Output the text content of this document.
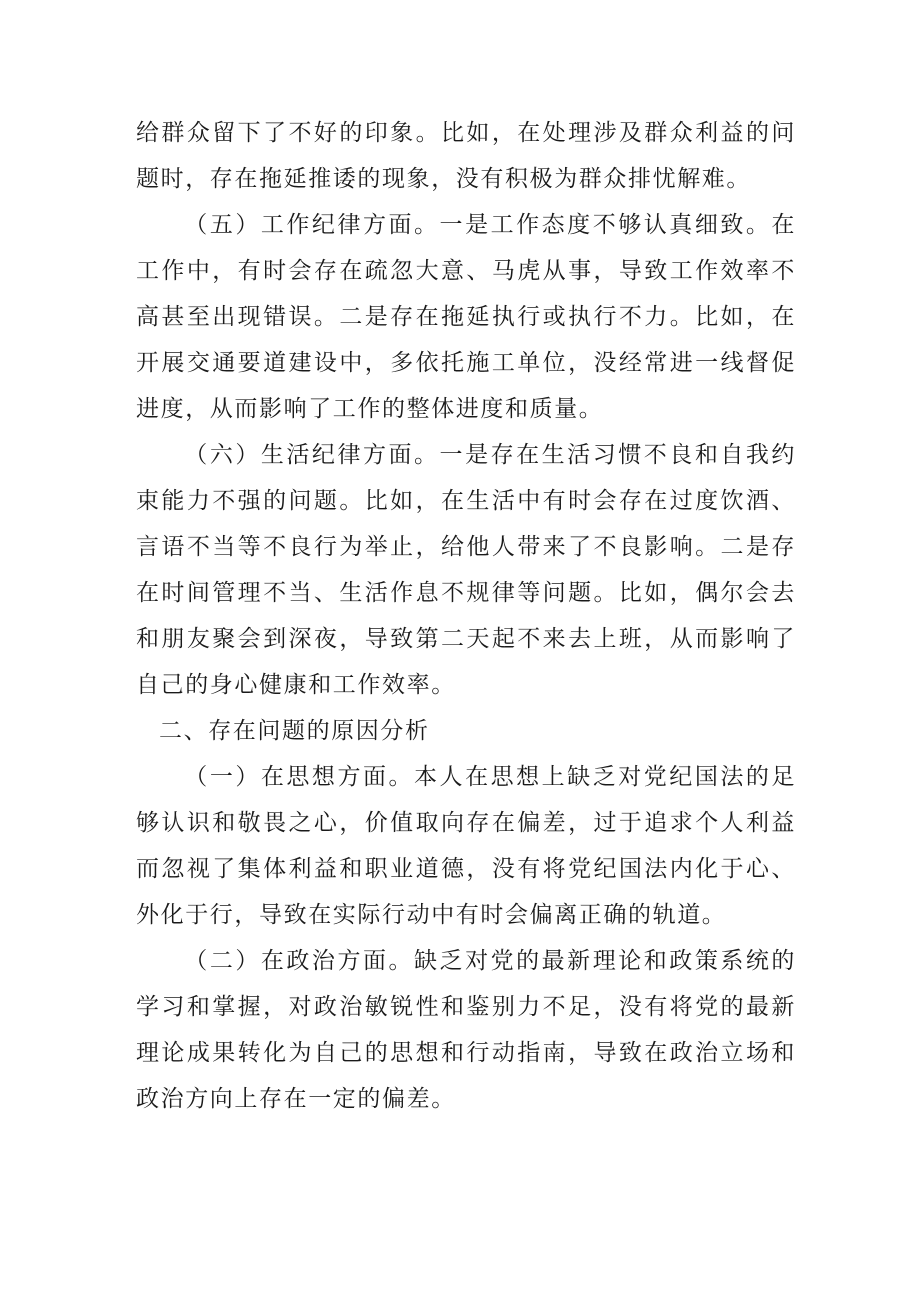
给群众留下了不好的印象。比如，在处理涉及群众利益的问题时，存在拖延推诿的现象，没有积极为群众排忧解难。

（五）工作纪律方面。一是工作态度不够认真细致。在工作中，有时会存在疏忽大意、马虎从事，导致工作效率不高甚至出现错误。二是存在拖延执行或执行不力。比如，在开展交通要道建设中，多依托施工单位，没经常进一线督促进度，从而影响了工作的整体进度和质量。

（六）生活纪律方面。一是存在生活习惯不良和自我约束能力不强的问题。比如，在生活中有时会存在过度饮酒、言语不当等不良行为举止，给他人带来了不良影响。二是存在时间管理不当、生活作息不规律等问题。比如，偶尔会去和朋友聚会到深夜，导致第二天起不来去上班，从而影响了自己的身心健康和工作效率。

二、存在问题的原因分析

（一）在思想方面。本人在思想上缺乏对党纪国法的足够认识和敬畏之心，价值取向存在偏差，过于追求个人利益而忽视了集体利益和职业道德，没有将党纪国法内化于心、外化于行，导致在实际行动中有时会偏离正确的轨道。

（二）在政治方面。缺乏对党的最新理论和政策系统的学习和掌握，对政治敏锐性和鉴别力不足，没有将党的最新理论成果转化为自己的思想和行动指南，导致在政治立场和政治方向上存在一定的偏差。
